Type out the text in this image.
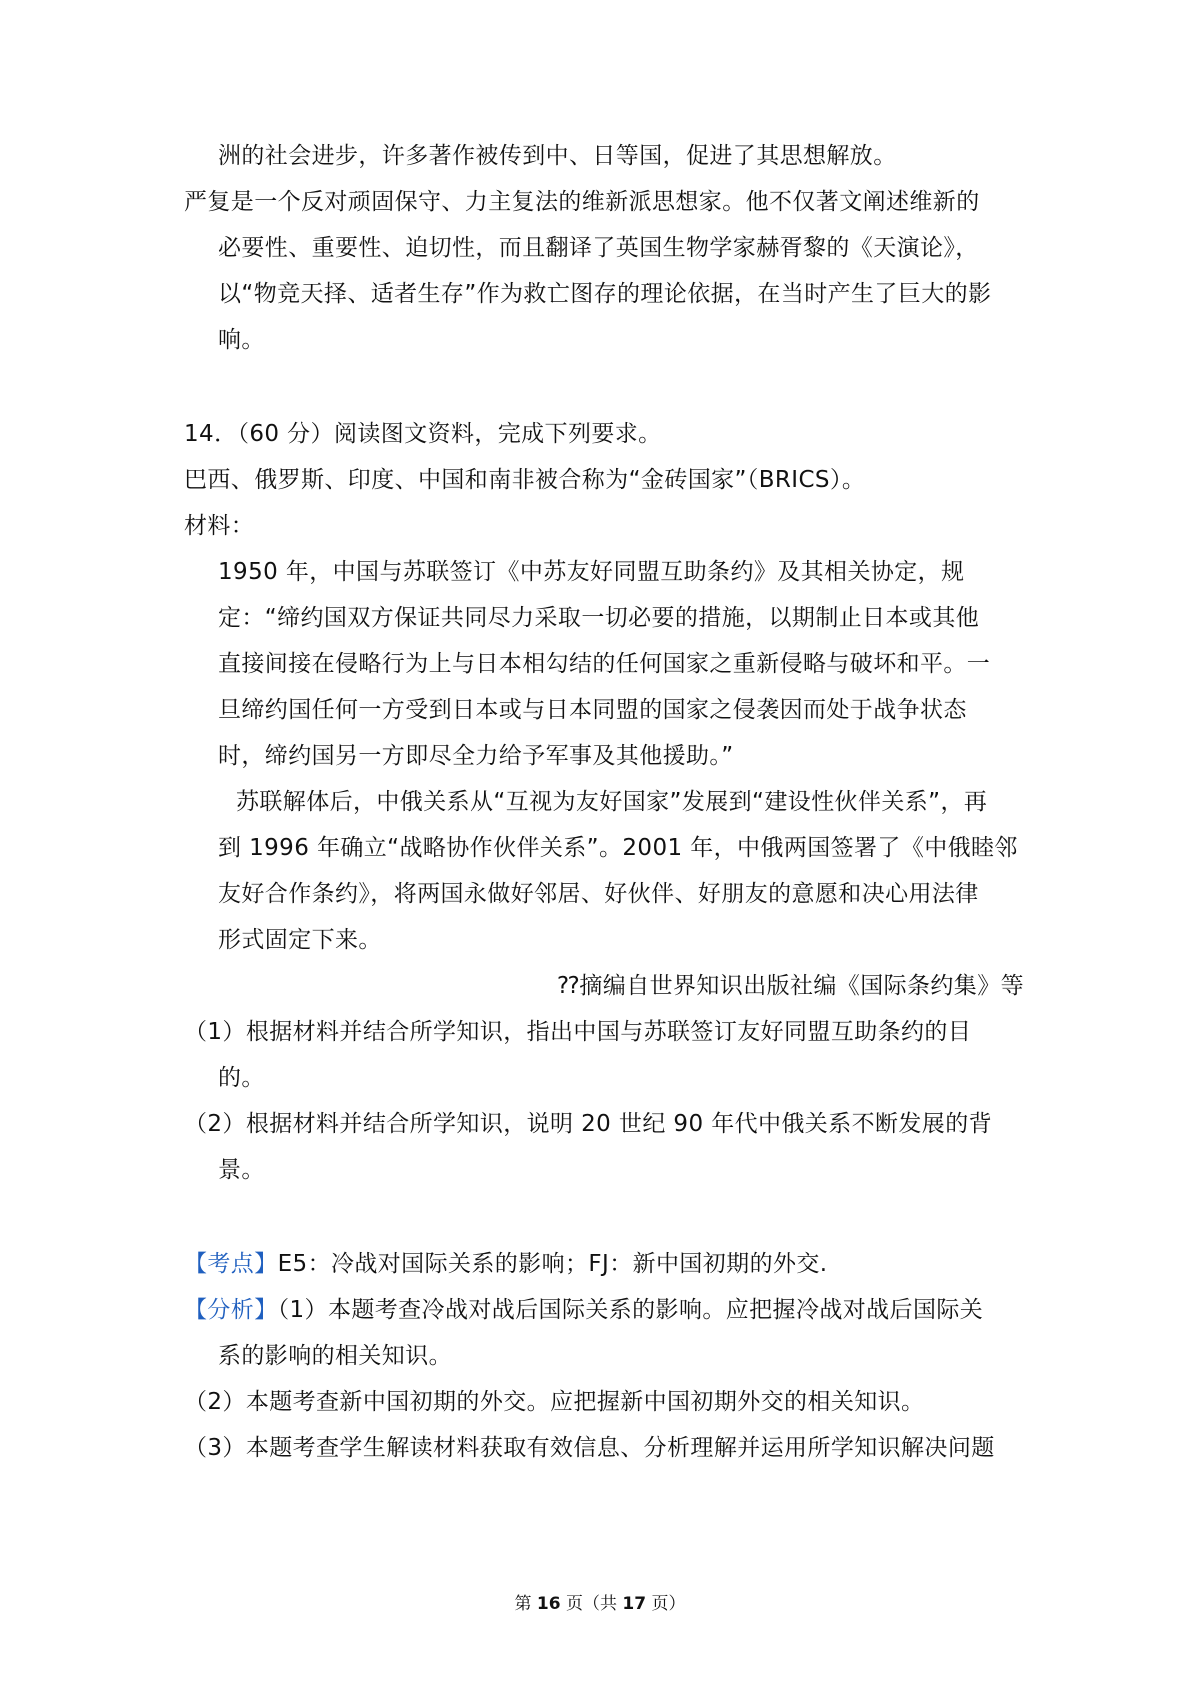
洲的社会进步，许多著作被传到中、日等国，促进了其思想解放。
严复是一个反对顽固保守、力主复法的维新派思想家。他不仅著文阐述维新的
必要性、重要性、迫切性，而且翻译了英国生物学家赫胥黎的《天演论》，
以“物竞天择、适者生存”作为救亡图存的理论依据，在当时产生了巨大的影
响。
14．（60 分）阅读图文资料，完成下列要求。
巴西、俄罗斯、印度、中国和南非被合称为“金砖国家”（BRICS）。
材料：
1950 年，中国与苏联签订《中苏友好同盟互助条约》及其相关协定，规
定：“缔约国双方保证共同尽力采取一切必要的措施，以期制止日本或其他
直接间接在侵略行为上与日本相勾结的任何国家之重新侵略与破坏和平。一
旦缔约国任何一方受到日本或与日本同盟的国家之侵袭因而处于战争状态
时，缔约国另一方即尽全力给予军事及其他援助。”
苏联解体后，中俄关系从“互视为友好国家”发展到“建设性伙伴关系”，再
到 1996 年确立“战略协作伙伴关系”。2001 年，中俄两国签署了《中俄睦邻
友好合作条约》，将两国永做好邻居、好伙伴、好朋友的意愿和决心用法律
形式固定下来。
⁇摘编自世界知识出版社编《国际条约集》等
（1）根据材料并结合所学知识，指出中国与苏联签订友好同盟互助条约的目
的。
（2）根据材料并结合所学知识，说明 20 世纪 90 年代中俄关系不断发展的背
景。
【考点】E5：冷战对国际关系的影响；FJ：新中国初期的外交.
【分析】（1）本题考查冷战对战后国际关系的影响。应把握冷战对战后国际关
系的影响的相关知识。
（2）本题考查新中国初期的外交。应把握新中国初期外交的相关知识。
（3）本题考查学生解读材料获取有效信息、分析理解并运用所学知识解决问题
第 16 页（共 17 页）
